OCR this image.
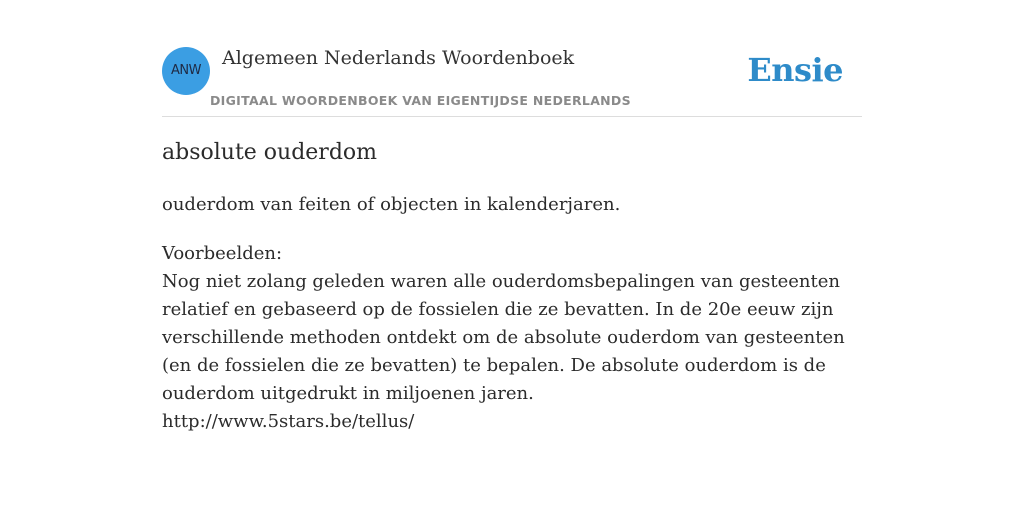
ANW
Algemeen Nederlands Woordenboek
DIGITAAL WOORDENBOEK VAN EIGENTIJDSE NEDERLANDS
Ensie
absolute ouderdom

ouderdom van feiten of objecten in kalenderjaren.

Voorbeelden:

Nog niet zolang geleden waren alle ouderdomsbepalingen van gesteenten relatief en gebaseerd op de fossielen die ze bevatten. In de 20e eeuw zijn verschillende methoden ontdekt om de absolute ouderdom van gesteenten (en de fossielen die ze bevatten) te bepalen. De absolute ouderdom is de ouderdom uitgedrukt in miljoenen jaren.

http://www.5stars.be/tellus/
